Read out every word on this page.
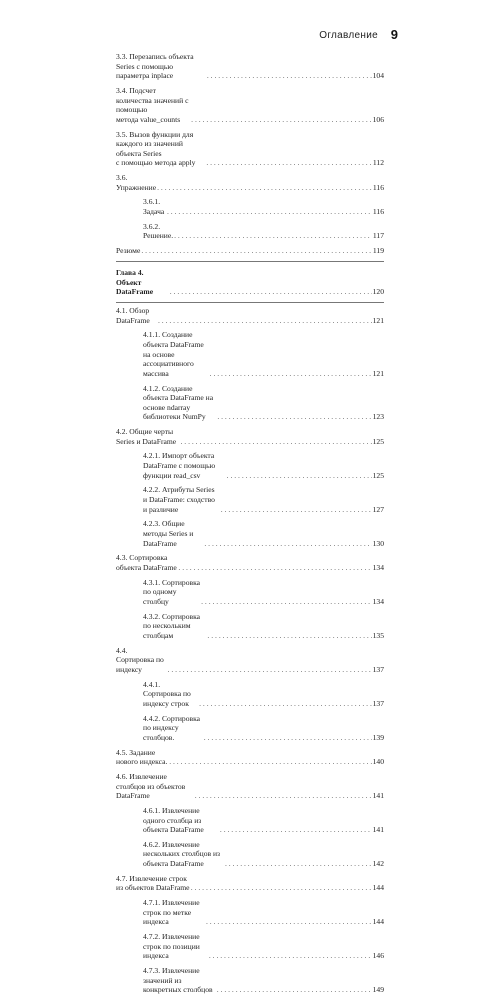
Оглавление 9
3.3. Перезапись объекта Series с помощью параметра inplace . . .	104
3.4. Подсчет количества значений с помощью
метода value_counts . . .	106
3.5. Вызов функции для каждого из значений объекта Series
с помощью метода apply . . .	112
3.6. Упражнение . . .	116
3.6.1. Задача . . .	116
3.6.2. Решение. . . .	117
Резюме . . .	119
Глава 4. Объект DataFrame . . .	120
4.1. Обзор DataFrame . . .	121
4.1.1. Создание объекта DataFrame на основе
ассоциативного массива . . .	121
4.1.2. Создание объекта DataFrame на основе ndarray
библиотеки NumPy . . .	123
4.2. Общие черты Series и DataFrame . . .	125
4.2.1. Импорт объекта DataFrame с помощью функции read_csv . . .	125
4.2.2. Атрибуты Series и DataFrame: сходство и различие . . .	127
4.2.3. Общие методы Series и DataFrame . . .	130
4.3. Сортировка объекта DataFrame . . .	134
4.3.1. Сортировка по одному столбцу . . .	134
4.3.2. Сортировка по нескольким столбцам . . .	135
4.4. Сортировка по индексу . . .	137
4.4.1. Сортировка по индексу строк . . .	137
4.4.2. Сортировка по индексу столбцов. . . .	139
4.5. Задание нового индекса. . . .	140
4.6. Извлечение столбцов из объектов DataFrame . . .	141
4.6.1. Извлечение одного столбца из объекта DataFrame . . .	141
4.6.2. Извлечение нескольких столбцов из объекта DataFrame . . .	142
4.7. Извлечение строк из объектов DataFrame . . .	144
4.7.1. Извлечение строк по метке индекса . . .	144
4.7.2. Извлечение строк по позиции индекса . . .	146
4.7.3. Извлечение значений из конкретных столбцов . . .	149
